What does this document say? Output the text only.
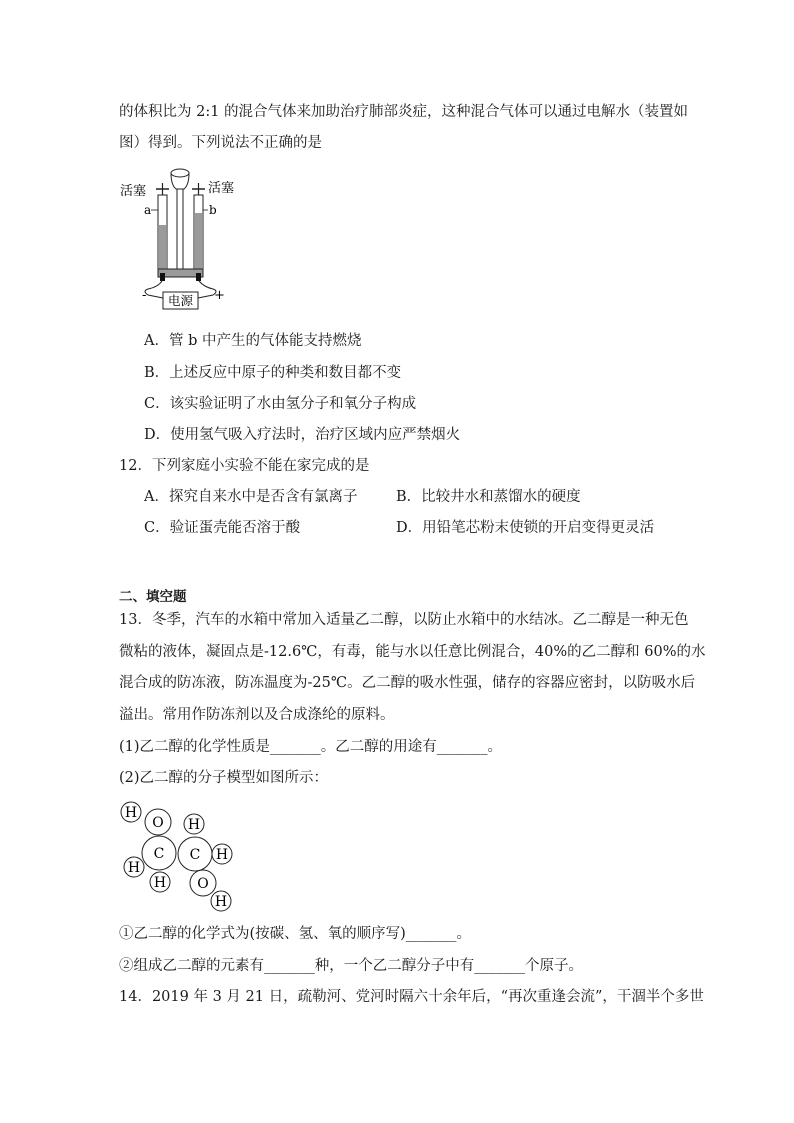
的体积比为 2:1 的混合气体来加助治疗肺部炎症，这种混合气体可以通过电解水（装置如
图）得到。下列说法不正确的是
活塞	活塞
a	b
-	+
电源
A．管 b 中产生的气体能支持燃烧
B．上述反应中原子的种类和数目都不变
C．该实验证明了水由氢分子和氧分子构成
D．使用氢气吸入疗法时，治疗区域内应严禁烟火
12．下列家庭小实验不能在家完成的是
A．探究自来水中是否含有氯离子	B．比较井水和蒸馏水的硬度
C．验证蛋壳能否溶于酸	D．用铅笔芯粉末使锁的开启变得更灵活
二、填空题
13．冬季，汽车的水箱中常加入适量乙二醇，以防止水箱中的水结冰。乙二醇是一种无色
微粘的液体，凝固点是-12.6℃，有毒，能与水以任意比例混合，40%的乙二醇和 60%的水
混合成的防冻液，防冻温度为-25℃。乙二醇的吸水性强，储存的容器应密封，以防吸水后
溢出。常用作防冻剂以及合成涤纶的原料。
(1)乙二醇的化学性质是_______。乙二醇的用途有_______。
(2)乙二醇的分子模型如图所示：
H
O H
H
C C H
H O
H
①乙二醇的化学式为(按碳、氢、氧的顺序写)_______。
②组成乙二醇的元素有_______种，一个乙二醇分子中有_______个原子。
14．2019 年 3 月 21 日，疏勒河、党河时隔六十余年后，“再次重逢会流”，干涸半个多世
